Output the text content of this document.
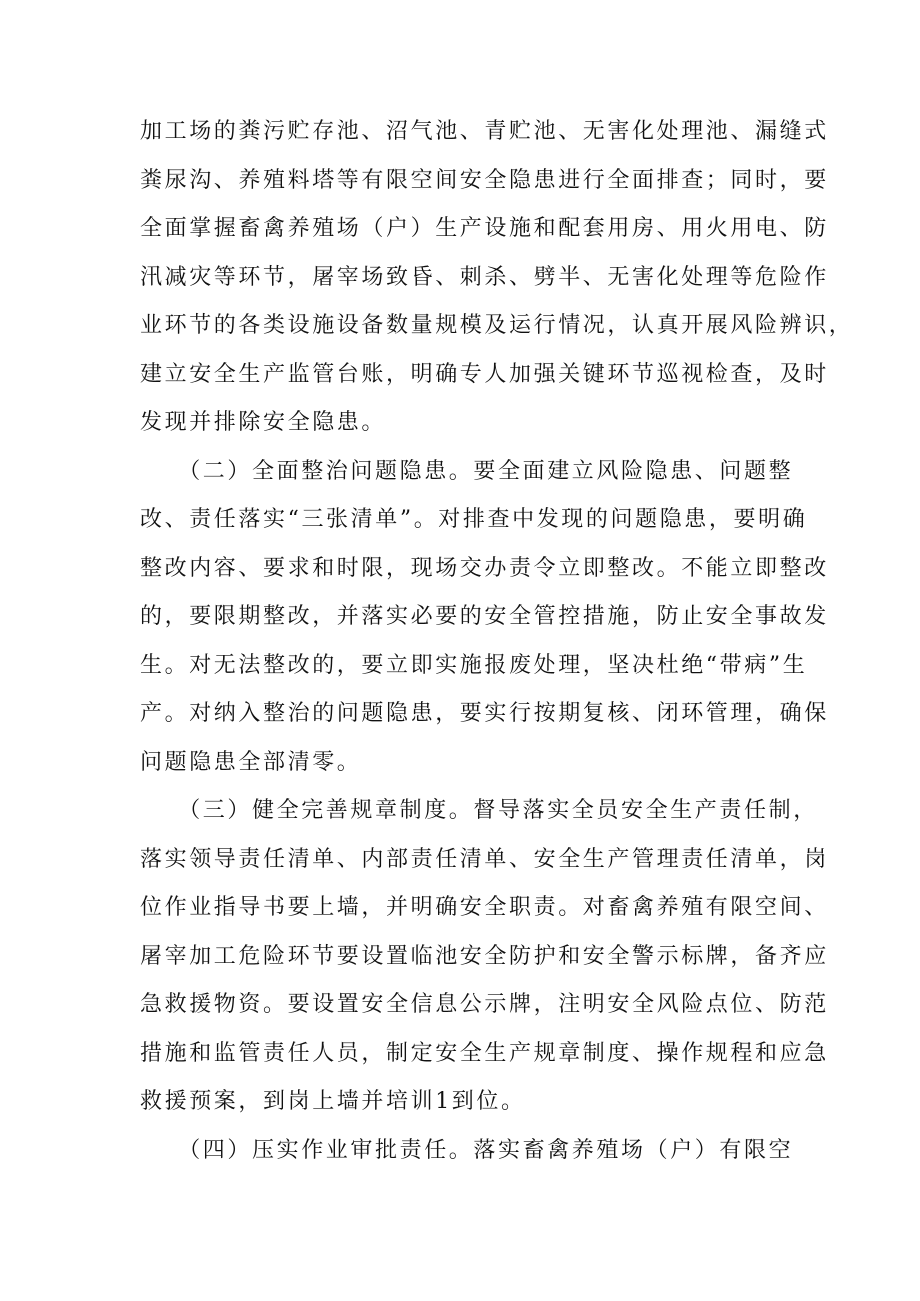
加工场的粪污贮存池、沼气池、青贮池、无害化处理池、漏缝式
粪尿沟、养殖料塔等有限空间安全隐患进行全面排查；同时，要
全面掌握畜禽养殖场（户）生产设施和配套用房、用火用电、防
汛减灾等环节，屠宰场致昏、刺杀、劈半、无害化处理等危险作
业环节的各类设施设备数量规模及运行情况，认真开展风险辨识，
建立安全生产监管台账，明确专人加强关键环节巡视检查，及时
发现并排除安全隐患。
　　（二）全面整治问题隐患。要全面建立风险隐患、问题整
改、责任落实“三张清单”。对排查中发现的问题隐患，要明确
整改内容、要求和时限，现场交办责令立即整改。不能立即整改
的，要限期整改，并落实必要的安全管控措施，防止安全事故发
生。对无法整改的，要立即实施报废处理，坚决杜绝“带病”生
产。对纳入整治的问题隐患，要实行按期复核、闭环管理，确保
问题隐患全部清零。
　　（三）健全完善规章制度。督导落实全员安全生产责任制，
落实领导责任清单、内部责任清单、安全生产管理责任清单，岗
位作业指导书要上墙，并明确安全职责。对畜禽养殖有限空间、
屠宰加工危险环节要设置临池安全防护和安全警示标牌，备齐应
急救援物资。要设置安全信息公示牌，注明安全风险点位、防范
措施和监管责任人员，制定安全生产规章制度、操作规程和应急
救援预案，到岗上墙并培训1到位。
　　（四）压实作业审批责任。落实畜禽养殖场（户）有限空
